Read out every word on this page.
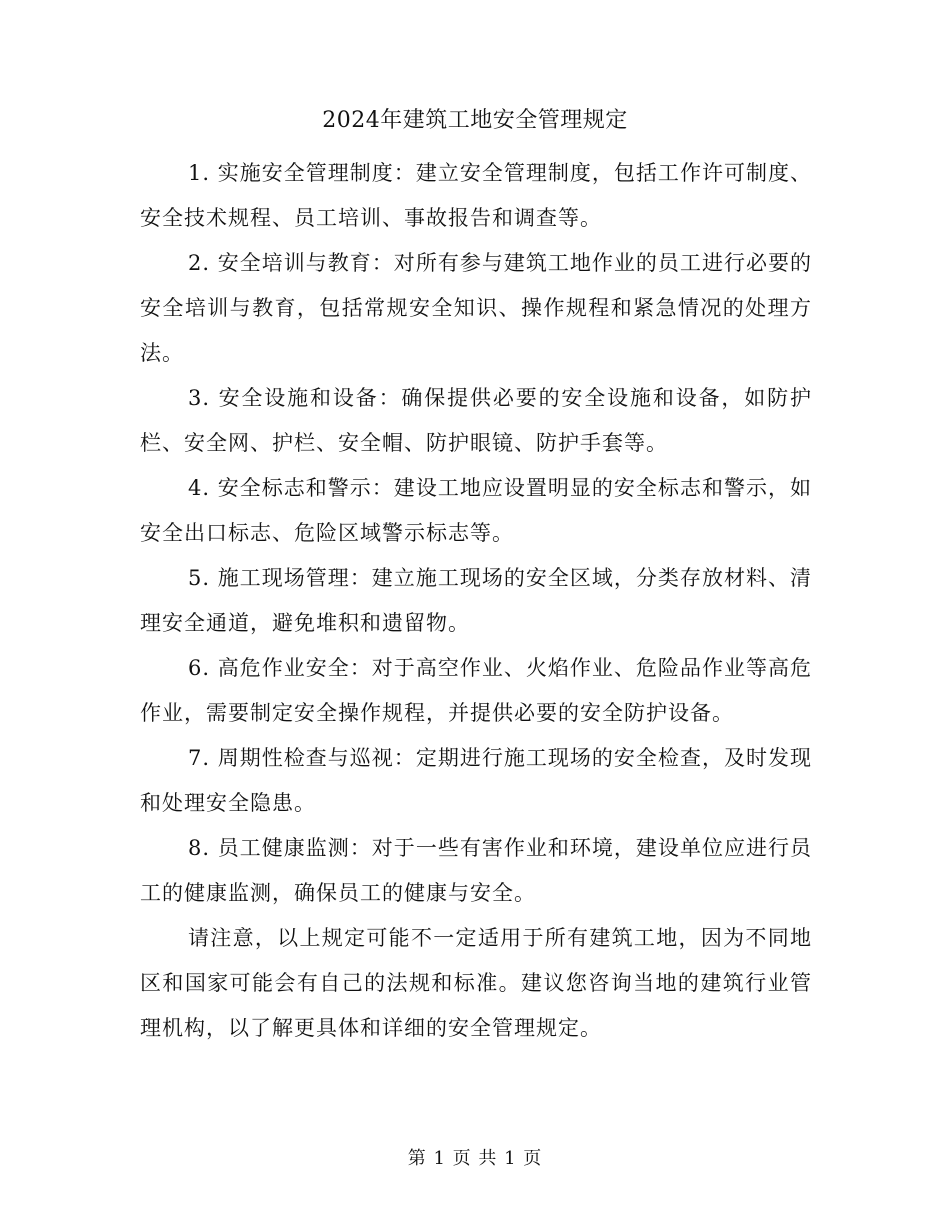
2024年建筑工地安全管理规定

1. 实施安全管理制度：建立安全管理制度，包括工作许可制度、安全技术规程、员工培训、事故报告和调查等。

2. 安全培训与教育：对所有参与建筑工地作业的员工进行必要的安全培训与教育，包括常规安全知识、操作规程和紧急情况的处理方法。

3. 安全设施和设备：确保提供必要的安全设施和设备，如防护栏、安全网、护栏、安全帽、防护眼镜、防护手套等。

4. 安全标志和警示：建设工地应设置明显的安全标志和警示，如安全出口标志、危险区域警示标志等。

5. 施工现场管理：建立施工现场的安全区域，分类存放材料、清理安全通道，避免堆积和遗留物。

6. 高危作业安全：对于高空作业、火焰作业、危险品作业等高危作业，需要制定安全操作规程，并提供必要的安全防护设备。

7. 周期性检查与巡视：定期进行施工现场的安全检查，及时发现和处理安全隐患。

8. 员工健康监测：对于一些有害作业和环境，建设单位应进行员工的健康监测，确保员工的健康与安全。

请注意，以上规定可能不一定适用于所有建筑工地，因为不同地区和国家可能会有自己的法规和标准。建议您咨询当地的建筑行业管理机构，以了解更具体和详细的安全管理规定。

第 1 页 共 1 页
